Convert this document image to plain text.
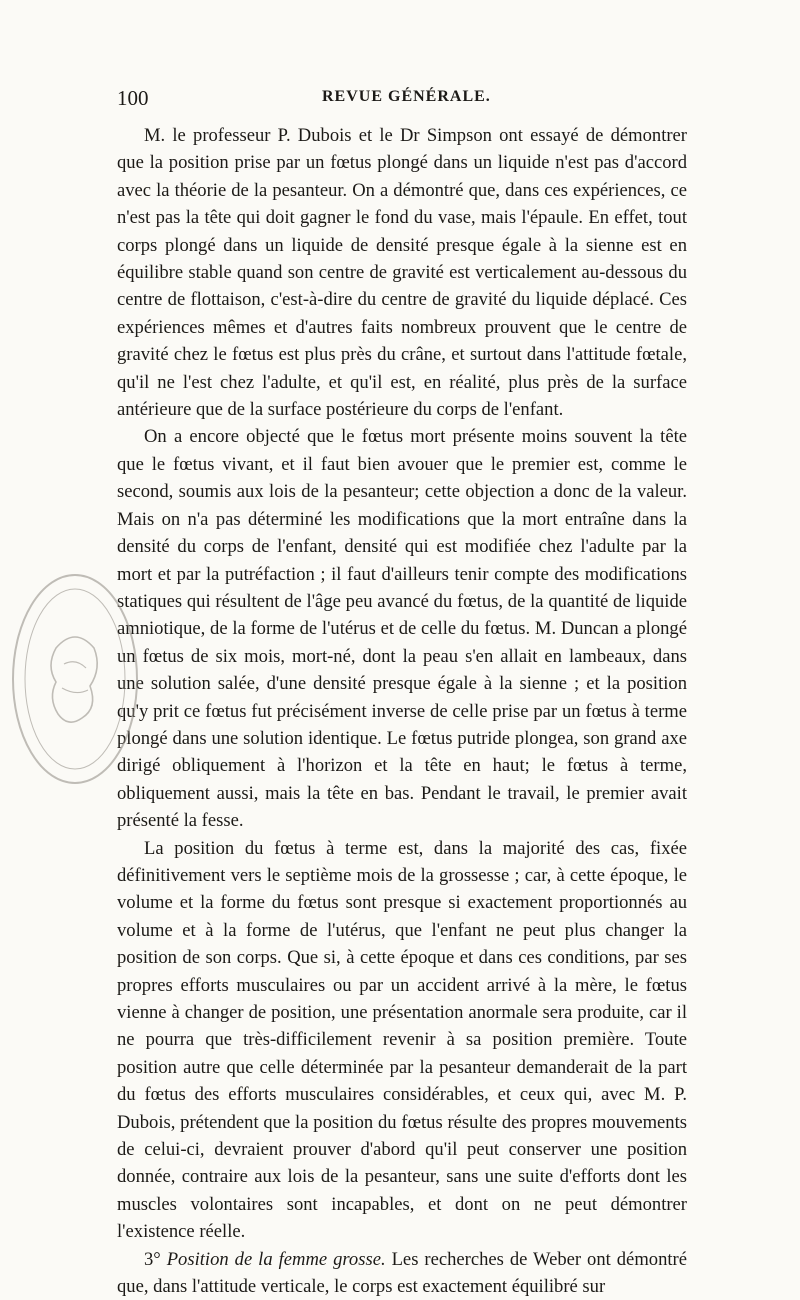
100	REVUE GÉNÉRALE.

M. le professeur P. Dubois et le Dr Simpson ont essayé de démontrer que la position prise par un fœtus plongé dans un liquide n'est pas d'accord avec la théorie de la pesanteur. On a démontré que, dans ces expériences, ce n'est pas la tête qui doit gagner le fond du vase, mais l'épaule. En effet, tout corps plongé dans un liquide de densité presque égale à la sienne est en équilibre stable quand son centre de gravité est verticalement au-dessous du centre de flottaison, c'est-à-dire du centre de gravité du liquide déplacé. Ces expériences mêmes et d'autres faits nombreux prouvent que le centre de gravité chez le fœtus est plus près du crâne, et surtout dans l'attitude fœtale, qu'il ne l'est chez l'adulte, et qu'il est, en réalité, plus près de la surface antérieure que de la surface postérieure du corps de l'enfant.

On a encore objecté que le fœtus mort présente moins souvent la tête que le fœtus vivant, et il faut bien avouer que le premier est, comme le second, soumis aux lois de la pesanteur; cette objection a donc de la valeur. Mais on n'a pas déterminé les modifications que la mort entraîne dans la densité du corps de l'enfant, densité qui est modifiée chez l'adulte par la mort et par la putréfaction ; il faut d'ailleurs tenir compte des modifications statiques qui résultent de l'âge peu avancé du fœtus, de la quantité de liquide amniotique, de la forme de l'utérus et de celle du fœtus. M. Duncan a plongé un fœtus de six mois, mort-né, dont la peau s'en allait en lambeaux, dans une solution salée, d'une densité presque égale à la sienne ; et la position qu'y prit ce fœtus fut précisément inverse de celle prise par un fœtus à terme plongé dans une solution identique. Le fœtus putride plongea, son grand axe dirigé obliquement à l'horizon et la tête en haut; le fœtus à terme, obliquement aussi, mais la tête en bas. Pendant le travail, le premier avait présenté la fesse.

La position du fœtus à terme est, dans la majorité des cas, fixée définitivement vers le septième mois de la grossesse ; car, à cette époque, le volume et la forme du fœtus sont presque si exactement proportionnés au volume et à la forme de l'utérus, que l'enfant ne peut plus changer la position de son corps. Que si, à cette époque et dans ces conditions, par ses propres efforts musculaires ou par un accident arrivé à la mère, le fœtus vienne à changer de position, une présentation anormale sera produite, car il ne pourra que très-difficilement revenir à sa position première. Toute position autre que celle déterminée par la pesanteur demanderait de la part du fœtus des efforts musculaires considérables, et ceux qui, avec M. P. Dubois, prétendent que la position du fœtus résulte des propres mouvements de celui-ci, devraient prouver d'abord qu'il peut conserver une position donnée, contraire aux lois de la pesanteur, sans une suite d'efforts dont les muscles volontaires sont incapables, et dont on ne peut démontrer l'existence réelle.

3° Position de la femme grosse. Les recherches de Weber ont démontré que, dans l'attitude verticale, le corps est exactement équilibré sur
